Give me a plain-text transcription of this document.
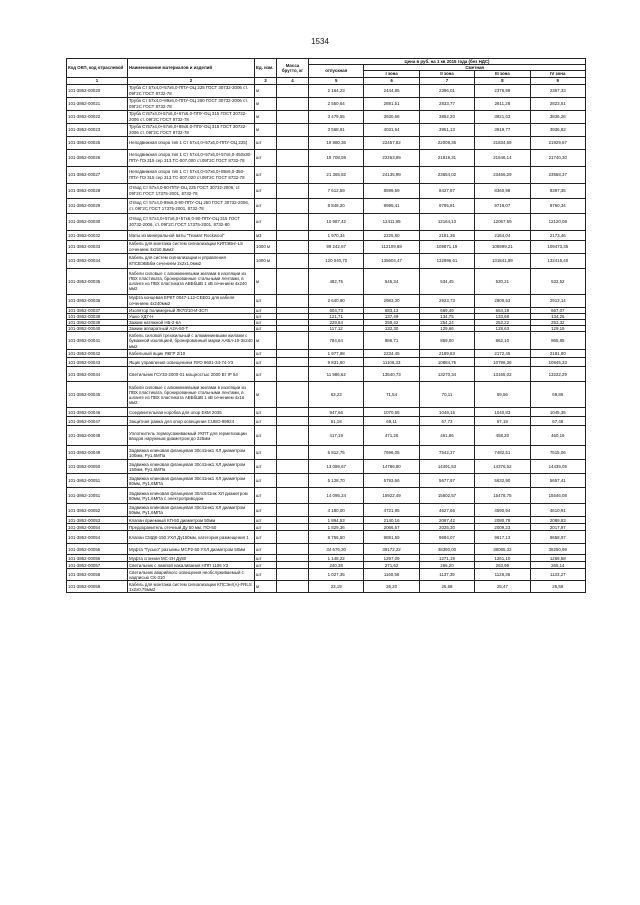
1534
Код ОКП, код отраслевой	Наименование материалов и изделий	Ед. изм.	Масса брутто, кг	Цена в руб. на 1 кв 2015 года (без НДС)				
				отпускная	Сметная			
					I зона	II зона	III зона	IV зона
1	2	3	4	5	6	7	8	9
101-3862-00020	Труба Ст 57х4,0+57х6,0-ППУ-ОЦ 225 ГОСТ 30732-2006 ст. 09Г2С ГОСТ 8732-78	м		2 164,23	2444,85	2396,01	2376,99	2367,33
101-3862-00021	Труба Ст 57х4,0+89х6,0-ППУ-ОЦ 250 ГОСТ 30732-2006 ст. 09Г2С ГОСТ 8732-78	м		2 550,64	2891,51	2833,77	2811,28	2823,51
101-3862-00022	Труба Ст57х4,0+57х6,0+57х6,0-ППУ-ОЦ 315 ГОСТ 30732-2006 ст. 09Г2С ГОСТ 8732-78	м		3 479,55	3930,66	3852,20	3821,63	3836,26
101-3862-00023	Труба Ст57х4,0+57х6,0+89х6,0-ППУ-ОЦ 315 ГОСТ 30732-2006 ст. 09Г2С ГОСТ 8732-78	м		3 568,91	4031,64	3951,13	3919,77	3936,82
101-3862-00025	Неподвижная опора тип 1 Ст 57х4,0+57х6,0-ППУ-ОЦ 225)	шт		19 880,36	22457,82	22009,36	21834,69	21929,67
101-3862-00026	Неподвижная опора тип 1 Ст 57х4,0+57х6,0+57х6,0-450х30-ППУ-ПЭ 315 сер 313.ТС-007.000 ст.09Г2С ГОСТ 8732-78	шт		19 708,59	22263,89	21819,31	21646,14	21740,30
101-3862-00027	Неподвижная опора тип 1 Ст 57х4,0+57х6,0+89х6,0-350-ППУ-ПЭ 315 сер 313.ТС-007.020 ст.09Г2С ГОСТ 8732-78	шт		21 365,82	24135,99	23654,02	23466,29	23568,37
101-3862-00028	Отвод Ст 57х4,0-90-ППУ-ОЦ 225 ГОСТ 30732-2006, ст. 09Г2С ГОСТ 17375-2001, 8732-78	шт		7 612,59	8599,59	8427,87	8360,98	8397,35
101-3862-00029	Отвод Ст 57х4,0-89х6,0-90-ППУ-ОЦ 250 ГОСТ 30732-2006, ст. 09Г2С ГОСТ 17375-2001, 8732-78	шт		8 848,20	9995,41	9795,81	9718,07	9760,34
101-3862-00030	Отвод Ст 57х4,0+57х6,0+57х6,0-90-ППУ-ОЦ 315 ГОСТ 30732-2006, ст. 09Г2С ГОСТ 17375-2001, 8732-80	шт		10 987,42	12411,95	12164,13	12067,59	12120,08
101-3862-00032	Маты из минеральной ваты "Техмат Rockwool"	м3		1 970,34	2225,80	2181,36	2164,04	2173,46
101-3862-00033	Кабель для монтажа систем сигнализации КИПЭВнг-LS сечением 4х2х0,8мм2	1000 м		99 242,67	112109,88	109871,19	108999,21	109473,35
101-3862-00034	Кабель для систем сигнализации и управления КПСВЭВБбм сечением 2х2х1,0мм2	1000 м		120 040,70	135604,47	132896,61	131841,89	132415,40
101-3862-00035	Кабели силовые с алюминиевыми жилами в изоляции из ПВХ пластиката, бронированные стальными лентами, в шланге из ПВХ пластиката АВБбШВ 1 кВ сечением 4х240 мм2	м		482,75	545,34	534,45	530,21	532,52
101-3862-00036	Муфта концевая ЕРКТ 0047-L12-CEE01 для кабеля сечением 4х240мм2	шт		2 640,90	2983,30	2923,73	2900,53	2913,14
101-3862-00037	Изолятор полимерный ЛК70/10-И-3СП	шт		604,73	683,13	669,49	664,18	667,07
101-3862-00038	Ушко УД7-Н	шт		121,71	137,49	134,75	133,68	134,26
101-3862-00039	Зажим натяжной НБ-2-6А	шт		229,64	259,42	254,24	252,22	253,32
101-3862-00040	Зажим аппаратный А2А-50-Т	шт		117,12	132,30	129,66	128,63	129,19
101-3862-00041	Кабель силовой трехжильный с алюминиевыми жилами с бумажной изоляцией, бронированный марки ААБл-10-3х240 мм2	м		784,64	886,71	869,00	862,10	865,85
101-3862-00042	Кабельный ящик ЯКГР 2/10	шт		1 977,98	2234,45	2189,83	2172,45	2181,90
101-3862-00043	Ящик управления освещением ЯУО 9601-34-74-У3	шт		9 831,60	11106,33	10884,75	10796,36	10845,33
101-3862-00044	Светильник ГСУ33-2000-01 мощностью 2000 Вт IP 54	шт		11 986,62	13540,73	13270,34	13165,02	13222,29
101-3862-00045	Кабели силовые с алюминиевыми жилами в изоляции из ПВХ пластиката, бронированные стальными лентами, в шланге из ПВХ пластиката АВБбШВ 1 кВ сечением 4х16 мм2	м		63,23	71,54	70,11	69,56	69,86
101-3862-00046	Соединительная коробка для опор ЕКМ 2035	шт		947,66	1070,55	1049,15	1040,83	1045,35
101-3862-00047	Защитная рамка для опор освещения CUBO-99924	шт		61,18	69,11	67,73	67,19	67,48
101-3862-00048	Уплотнитель термоусаживаемый УКПТ для герметизации вводов наружным диаметром до 225мм	шт		417,19	471,28	461,86	458,20	460,19
101-3862-00049	Задвижка клиновая фланцевая 30с41нж1 ХЛ диаметром 100мм, Ру1,6МПа	шт		6 812,75	7696,05	7542,37	7482,51	7515,06
101-3862-00050	Задвижка клиновая фланцевая 30с41нж1 ХЛ диаметром 150мм, Ру1,6МПа	шт		13 089,67	14786,80	14491,53	14376,52	14439,05
101-3862-00051	Задвижка клиновая фланцевая 30с41нж1 ХЛ диаметром 80мм, Ру1,6МПа	шт		5 128,70	5793,66	5677,97	5632,90	5657,41
101-3862-10051	Задвижка клиновая фланцевая 30лс941нж ХЛ диаметром 80мм, Ру1,6МПа с электроприводом	шт		14 095,24	15922,49	15602,57	15478,75	15546,08
101-3862-00052	Задвижка клиновая фланцевая 30с41нж1 ХЛ диаметром 50мм, Ру1,6МПа	шт		4 180,00	4721,95	4627,66	4590,94	4610,91
101-3862-00053	Клапан приемный КП-50 диаметром 50мм	шт		1 894,53	2140,16	2097,42	2080,78	2089,83
101-3862-00054	Предохранитель отечный Ду 50 мм, ПО-50	шт		1 829,36	2066,57	2025,30	2009,23	2017,97
101-3862-00054	Клапан СМДК-150 УХЛ Ду150мм, категория размещения 1	шт		8 756,50	9891,59	9694,07	9617,13	9658,97
101-3862-00055	Муфта "Гусько" разъемы МСР2-50 УХЛ диаметром 50мм	шт		34 676,30	39172,22	38390,00	38085,32	38250,99
101-3862-00056	Муфта сгонная МС-2Н Ду80	шт		1 148,22	1297,09	1271,19	1261,10	1266,58
101-3862-00057	Светильник с лампой накаливания НПП 1106 У3	шт		240,38	271,62	266,20	263,99	265,14
101-3862-00058	Светильник аварийного освещения необслуживаемый с надписью СК-310	шт		1 027,35	1160,56	1137,39	1128,36	1133,27
101-3862-00059	Кабель для монтажа систем сигнализации КПСЭнг(А)-FRLS 1х2х0,75мм2	м		23,19	26,20	25,68	25,47	25,58
